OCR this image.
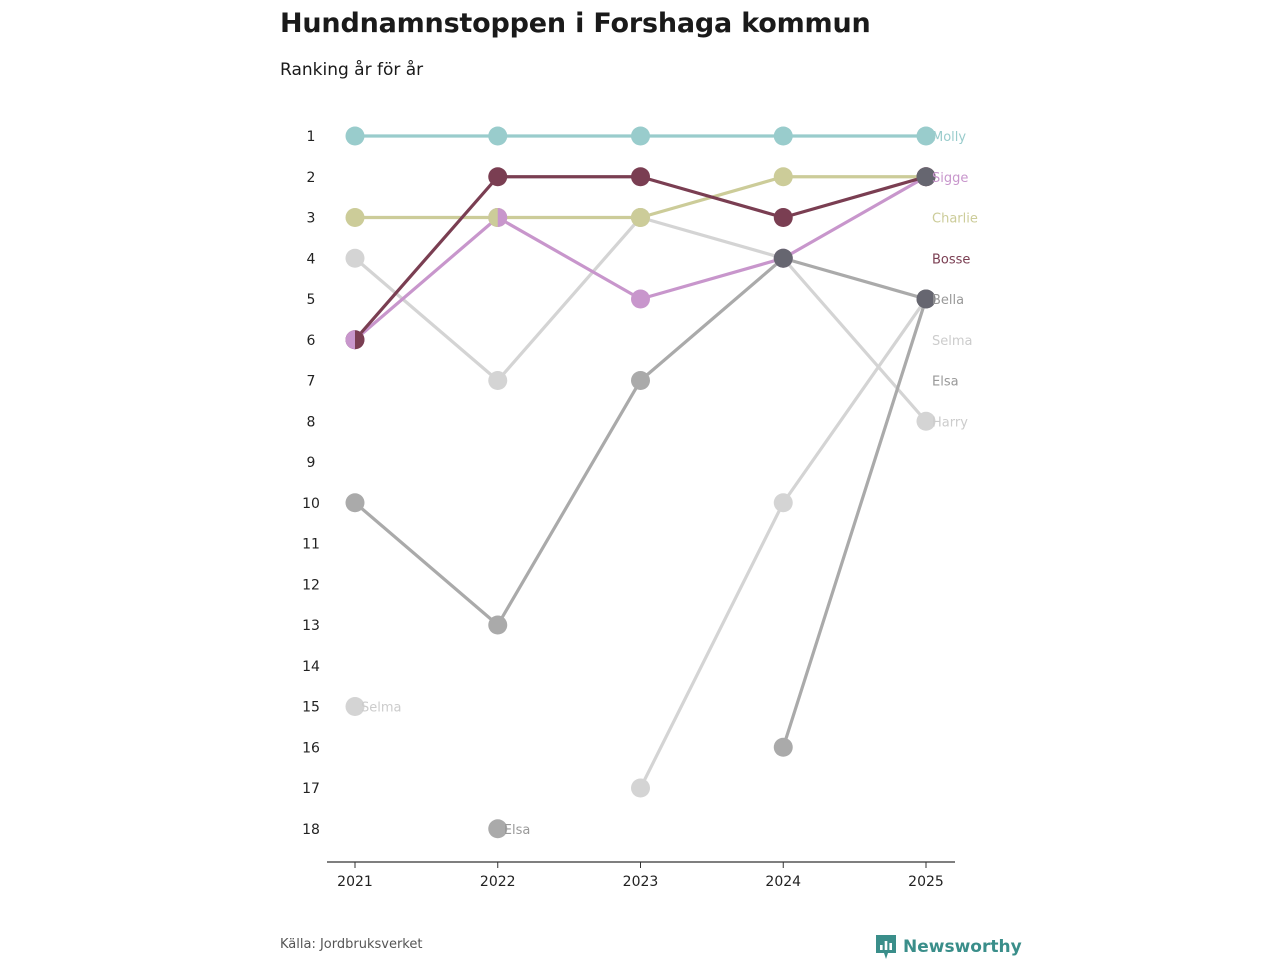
Hundnamnstoppen i Forshaga kommun

Ranking år för år

1
2
3
4
5
6
7
8
9
10
11
12
13
14
15
16
17
18
Molly
Sigge
Charlie
Bosse
Bella
Selma
Elsa
Harry
Selma
Elsa
2021	2022	2023	2024	2025
Källa: Jordbruksverket	Newsworthy
